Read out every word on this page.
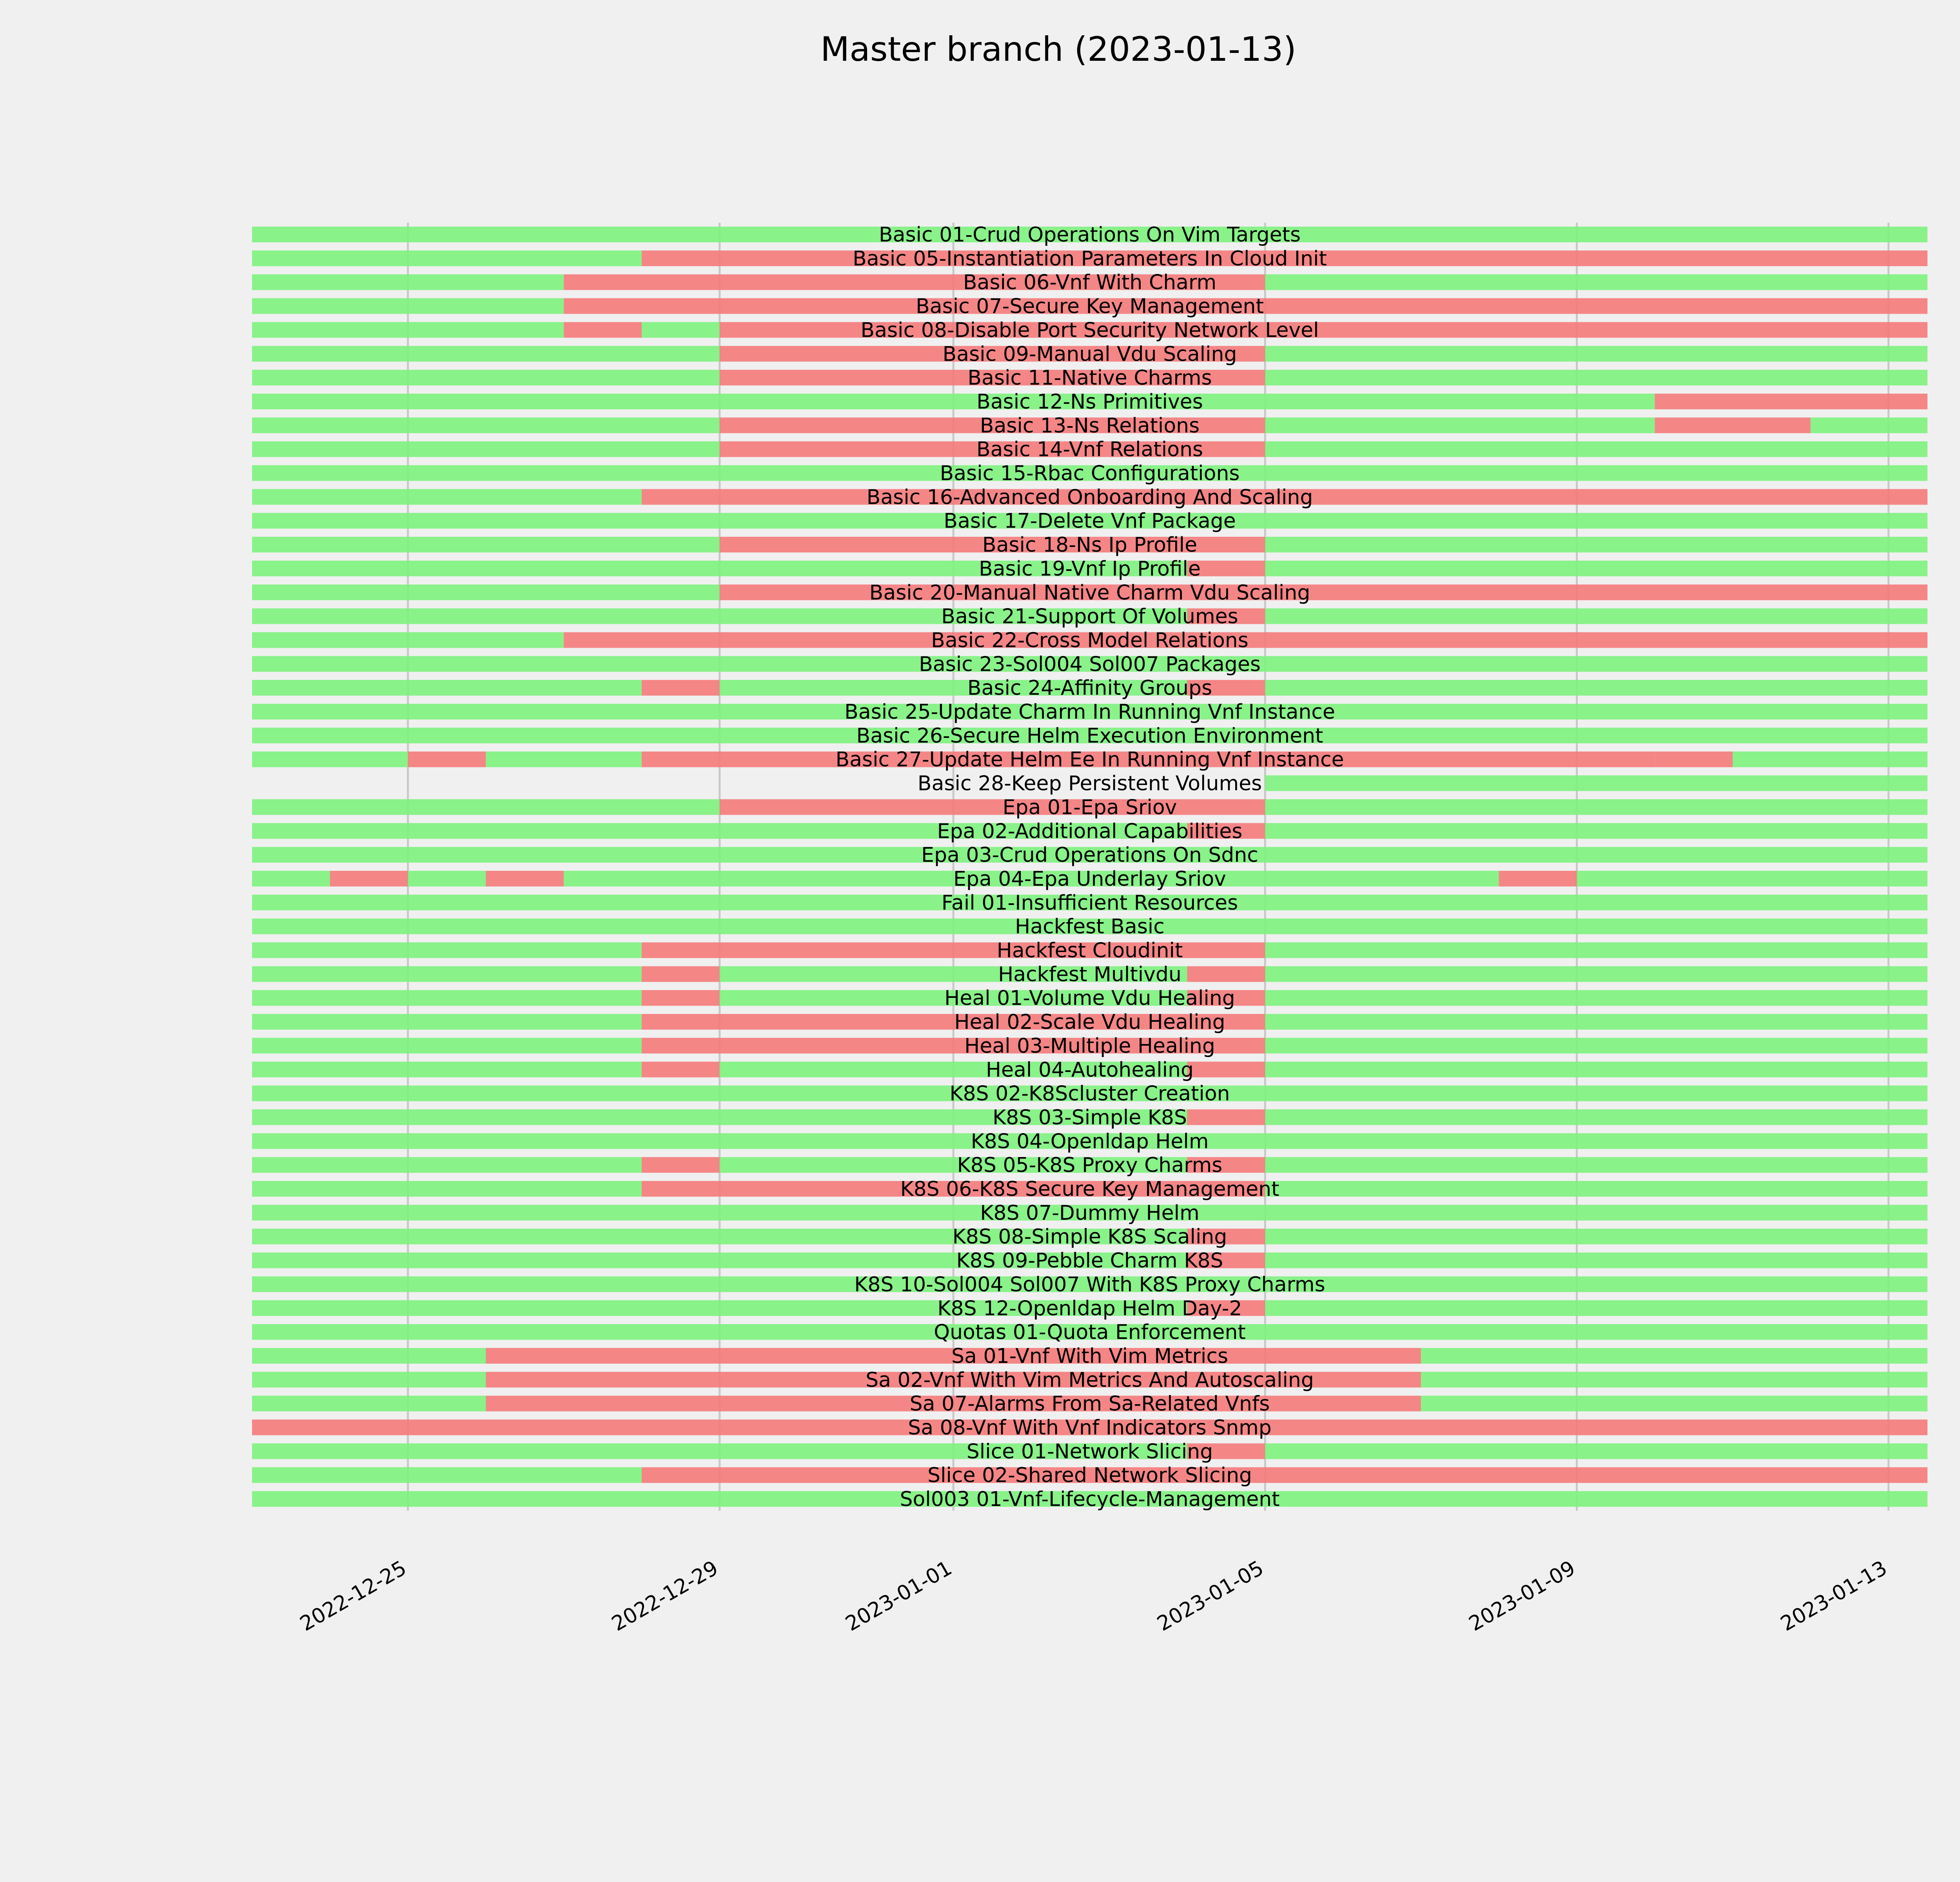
Basic 01-Crud Operations On Vim Targets
Basic 05-Instantiation Parameters In Cloud Init
Basic 06-Vnf With Charm
Basic 07-Secure Key Management
Basic 08-Disable Port Security Network Level
Basic 09-Manual Vdu Scaling
Basic 11-Native Charms
Basic 12-Ns Primitives
Basic 13-Ns Relations
Basic 14-Vnf Relations
Basic 15-Rbac Configurations
Basic 16-Advanced Onboarding And Scaling
Basic 17-Delete Vnf Package
Basic 18-Ns Ip Profile
Basic 19-Vnf Ip Profile
Basic 20-Manual Native Charm Vdu Scaling
Basic 21-Support Of Volumes
Basic 22-Cross Model Relations
Basic 23-Sol004 Sol007 Packages
Basic 24-Affinity Groups
Basic 25-Update Charm In Running Vnf Instance
Basic 26-Secure Helm Execution Environment
Basic 27-Update Helm Ee In Running Vnf Instance
Basic 28-Keep Persistent Volumes
Epa 01-Epa Sriov
Epa 02-Additional Capabilities
Epa 03-Crud Operations On Sdnc
Epa 04-Epa Underlay Sriov
Fail 01-Insufficient Resources
Hackfest Basic
Hackfest Cloudinit
Hackfest Multivdu
Heal 01-Volume Vdu Healing
Heal 02-Scale Vdu Healing
Heal 03-Multiple Healing
Heal 04-Autohealing
K8S 02-K8Scluster Creation
K8S 03-Simple K8S
K8S 04-Openldap Helm
K8S 05-K8S Proxy Charms
K8S 06-K8S Secure Key Management
K8S 07-Dummy Helm
K8S 08-Simple K8S Scaling
K8S 09-Pebble Charm K8S
K8S 10-Sol004 Sol007 With K8S Proxy Charms
K8S 12-Openldap Helm Day-2
Quotas 01-Quota Enforcement
Sa 01-Vnf With Vim Metrics
Sa 02-Vnf With Vim Metrics And Autoscaling
Sa 07-Alarms From Sa-Related Vnfs
Sa 08-Vnf With Vnf Indicators Snmp
Slice 01-Network Slicing
Slice 02-Shared Network Slicing
Sol003 01-Vnf-Lifecycle-Management
2022-12-25	2022-12-29	2023-01-01	2023-01-05	2023-01-09	2023-01-13
Master branch (2023-01-13)
